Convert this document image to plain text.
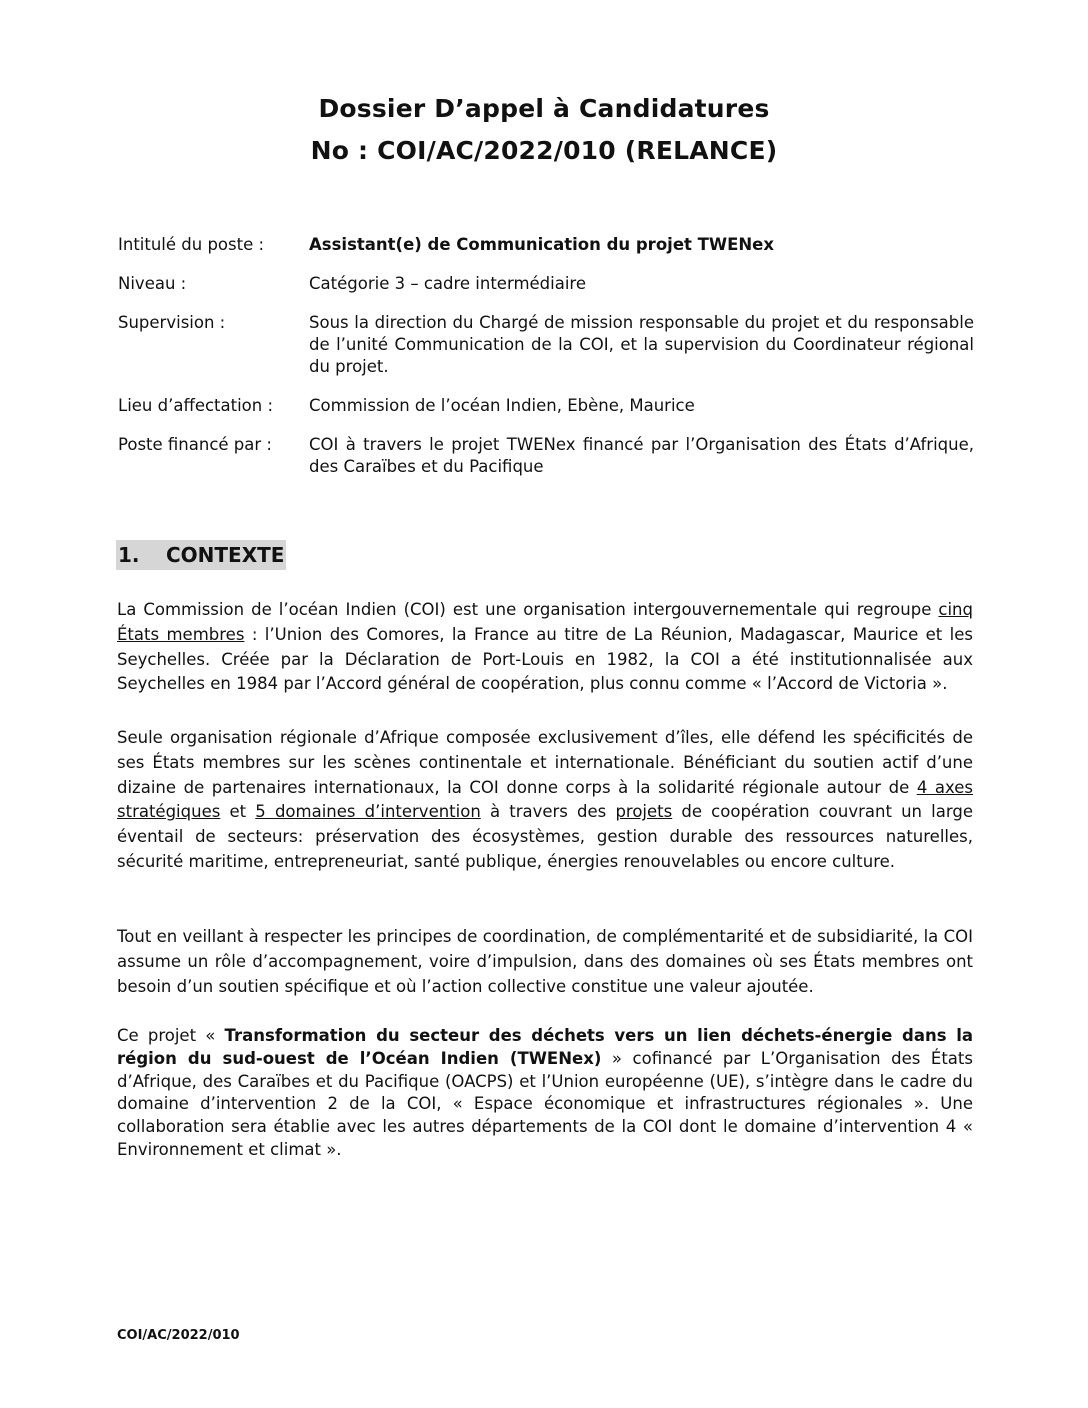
Dossier D’appel à Candidatures
No : COI/AC/2022/010 (RELANCE)
Intitulé du poste :	Assistant(e) de Communication du projet TWENex
Niveau :	Catégorie 3 – cadre intermédiaire
Supervision :	Sous la direction du Chargé de mission responsable du projet et du responsable de l’unité Communication de la COI, et la supervision du Coordinateur régional du projet.
Lieu d’affectation :	Commission de l’océan Indien, Ebène, Maurice
Poste financé par :	COI à travers le projet TWENex financé par l’Organisation des États d’Afrique, des Caraïbes et du Pacifique
1. CONTEXTE
La Commission de l’océan Indien (COI) est une organisation intergouvernementale qui regroupe cinq États membres : l’Union des Comores, la France au titre de La Réunion, Madagascar, Maurice et les Seychelles. Créée par la Déclaration de Port-Louis en 1982, la COI a été institutionnalisée aux Seychelles en 1984 par l’Accord général de coopération, plus connu comme « l’Accord de Victoria ».
Seule organisation régionale d’Afrique composée exclusivement d’îles, elle défend les spécificités de ses États membres sur les scènes continentale et internationale. Bénéficiant du soutien actif d’une dizaine de partenaires internationaux, la COI donne corps à la solidarité régionale autour de 4 axes stratégiques et 5 domaines d’intervention à travers des projets de coopération couvrant un large éventail de secteurs: préservation des écosystèmes, gestion durable des ressources naturelles, sécurité maritime, entrepreneuriat, santé publique, énergies renouvelables ou encore culture.
Tout en veillant à respecter les principes de coordination, de complémentarité et de subsidiarité, la COI assume un rôle d’accompagnement, voire d’impulsion, dans des domaines où ses États membres ont besoin d’un soutien spécifique et où l’action collective constitue une valeur ajoutée.
Ce projet « Transformation du secteur des déchets vers un lien déchets-énergie dans la région du sud-ouest de l’Océan Indien (TWENex) » cofinancé par L’Organisation des États d’Afrique, des Caraïbes et du Pacifique (OACPS) et l’Union européenne (UE), s’intègre dans le cadre du domaine d’intervention 2 de la COI, « Espace économique et infrastructures régionales ». Une collaboration sera établie avec les autres départements de la COI dont le domaine d’intervention 4 « Environnement et climat ».
COI/AC/2022/010
